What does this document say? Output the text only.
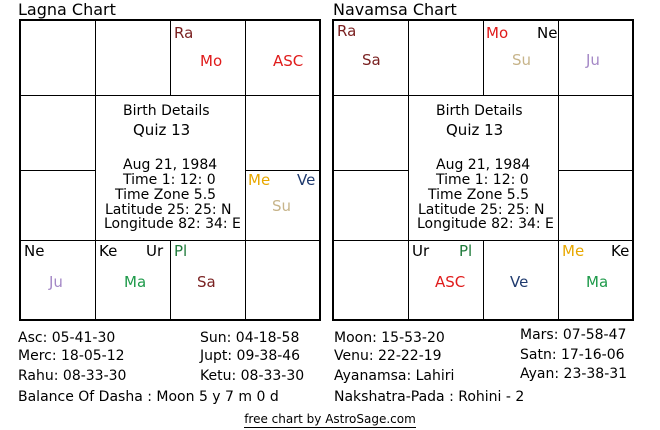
Lagna Chart
Ra
Mo	ASC
Me Ve
Su
Ne
Ju
Ke Ur
Ma
Pl
Sa
Birth Details
Quiz 13
Aug 21, 1984
Time 1: 12: 0
Time Zone 5.5
Latitude 25: 25: N
Longitude 82: 34: E
Navamsa Chart
Ra
Sa
Mo Ne
Su	Ju
Ur Pl
ASC	Ve
Me Ke
Ma
Birth Details
Quiz 13
Aug 21, 1984
Time 1: 12: 0
Time Zone 5.5
Latitude 25: 25: N
Longitude 82: 34: E
Asc: 05-41-30	Sun: 04-18-58
Merc: 18-05-12	Jupt: 09-38-46
Rahu: 08-33-30	Ketu: 08-33-30
Balance Of Dasha : Moon 5 y 7 m 0 d
Moon: 15-53-20	Mars: 07-58-47
Venu: 22-22-19	Satn: 17-16-06
Ayanamsa: Lahiri	Ayan: 23-38-31
Nakshatra-Pada : Rohini - 2
free chart by AstroSage.com
